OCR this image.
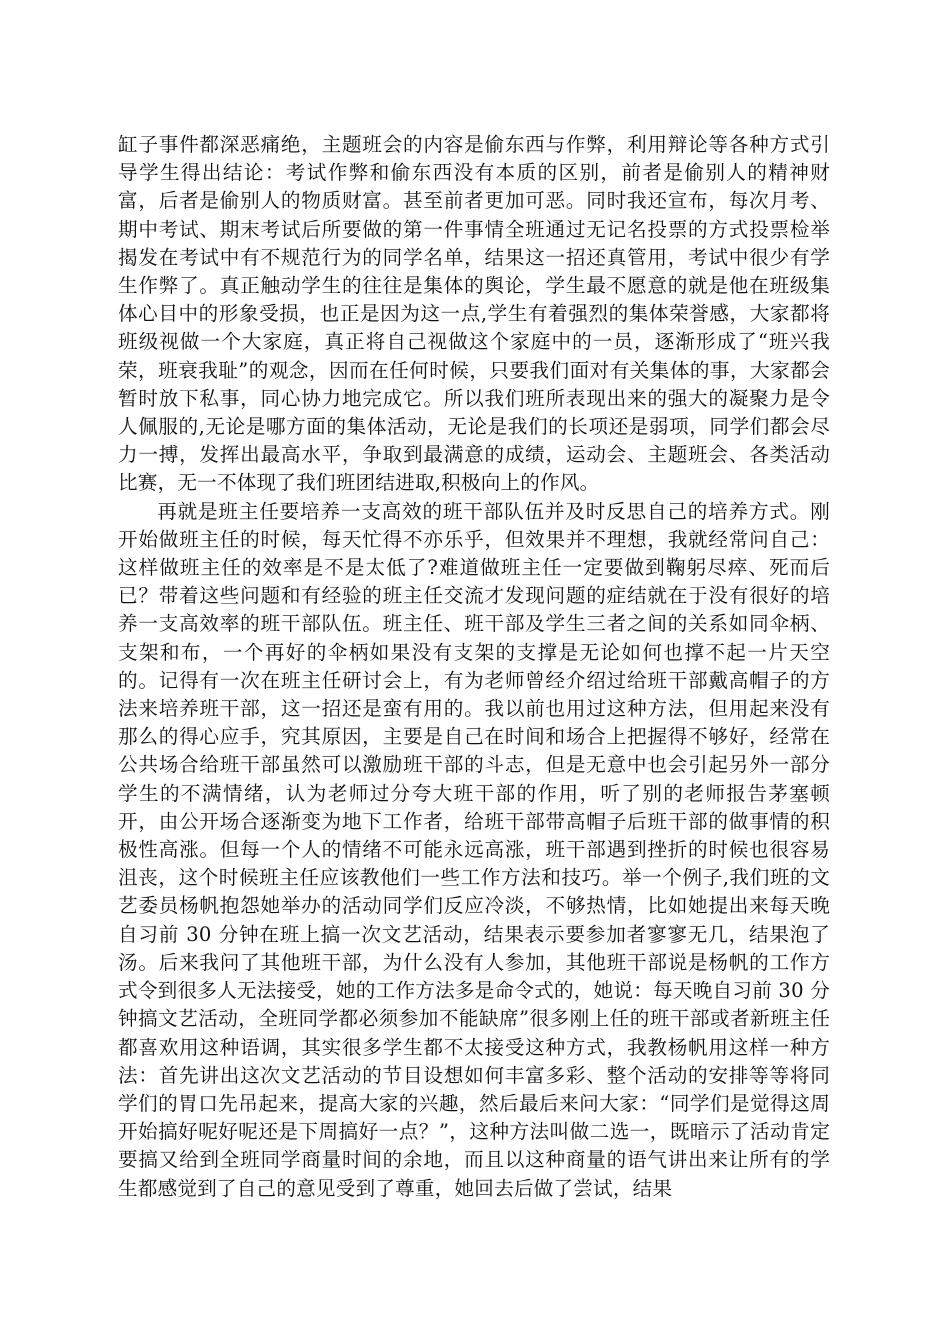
缸子事件都深恶痛绝，主题班会的内容是偷东西与作弊，利用辩论等各种方式引导学生得出结论：考试作弊和偷东西没有本质的区别，前者是偷别人的精神财富，后者是偷别人的物质财富。甚至前者更加可恶。同时我还宣布，每次月考、期中考试、期末考试后所要做的第一件事情全班通过无记名投票的方式投票检举揭发在考试中有不规范行为的同学名单，结果这一招还真管用，考试中很少有学生作弊了。真正触动学生的往往是集体的舆论，学生最不愿意的就是他在班级集体心目中的形象受损，也正是因为这一点,学生有着强烈的集体荣誉感，大家都将班级视做一个大家庭，真正将自己视做这个家庭中的一员，逐渐形成了“班兴我荣，班衰我耻”的观念，因而在任何时候，只要我们面对有关集体的事，大家都会暂时放下私事，同心协力地完成它。所以我们班所表现出来的强大的凝聚力是令人佩服的,无论是哪方面的集体活动，无论是我们的长项还是弱项，同学们都会尽力一搏，发挥出最高水平，争取到最满意的成绩，运动会、主题班会、各类活动比赛，无一不体现了我们班团结进取,积极向上的作风。

再就是班主任要培养一支高效的班干部队伍并及时反思自己的培养方式。刚开始做班主任的时候，每天忙得不亦乐乎，但效果并不理想，我就经常问自己：这样做班主任的效率是不是太低了?难道做班主任一定要做到鞠躬尽瘁、死而后已？带着这些问题和有经验的班主任交流才发现问题的症结就在于没有很好的培养一支高效率的班干部队伍。班主任、班干部及学生三者之间的关系如同伞柄、支架和布，一个再好的伞柄如果没有支架的支撑是无论如何也撑不起一片天空的。记得有一次在班主任研讨会上，有为老师曾经介绍过给班干部戴高帽子的方法来培养班干部，这一招还是蛮有用的。我以前也用过这种方法，但用起来没有那么的得心应手，究其原因，主要是自己在时间和场合上把握得不够好，经常在公共场合给班干部虽然可以激励班干部的斗志，但是无意中也会引起另外一部分学生的不满情绪，认为老师过分夸大班干部的作用，听了别的老师报告茅塞顿开，由公开场合逐渐变为地下工作者，给班干部带高帽子后班干部的做事情的积极性高涨。但每一个人的情绪不可能永远高涨，班干部遇到挫折的时候也很容易沮丧，这个时候班主任应该教他们一些工作方法和技巧。举一个例子,我们班的文艺委员杨帆抱怨她举办的活动同学们反应冷淡，不够热情，比如她提出来每天晚自习前 30 分钟在班上搞一次文艺活动，结果表示要参加者寥寥无几，结果泡了汤。后来我问了其他班干部，为什么没有人参加，其他班干部说是杨帆的工作方式令到很多人无法接受，她的工作方法多是命令式的，她说：每天晚自习前 30 分钟搞文艺活动，全班同学都必须参加不能缺席”很多刚上任的班干部或者新班主任都喜欢用这种语调，其实很多学生都不太接受这种方式，我教杨帆用这样一种方法：首先讲出这次文艺活动的节目设想如何丰富多彩、整个活动的安排等等将同学们的胃口先吊起来，提高大家的兴趣，然后最后来问大家：“同学们是觉得这周开始搞好呢好呢还是下周搞好一点？”，这种方法叫做二选一，既暗示了活动肯定要搞又给到全班同学商量时间的余地，而且以这种商量的语气讲出来让所有的学生都感觉到了自己的意见受到了尊重，她回去后做了尝试，结果
